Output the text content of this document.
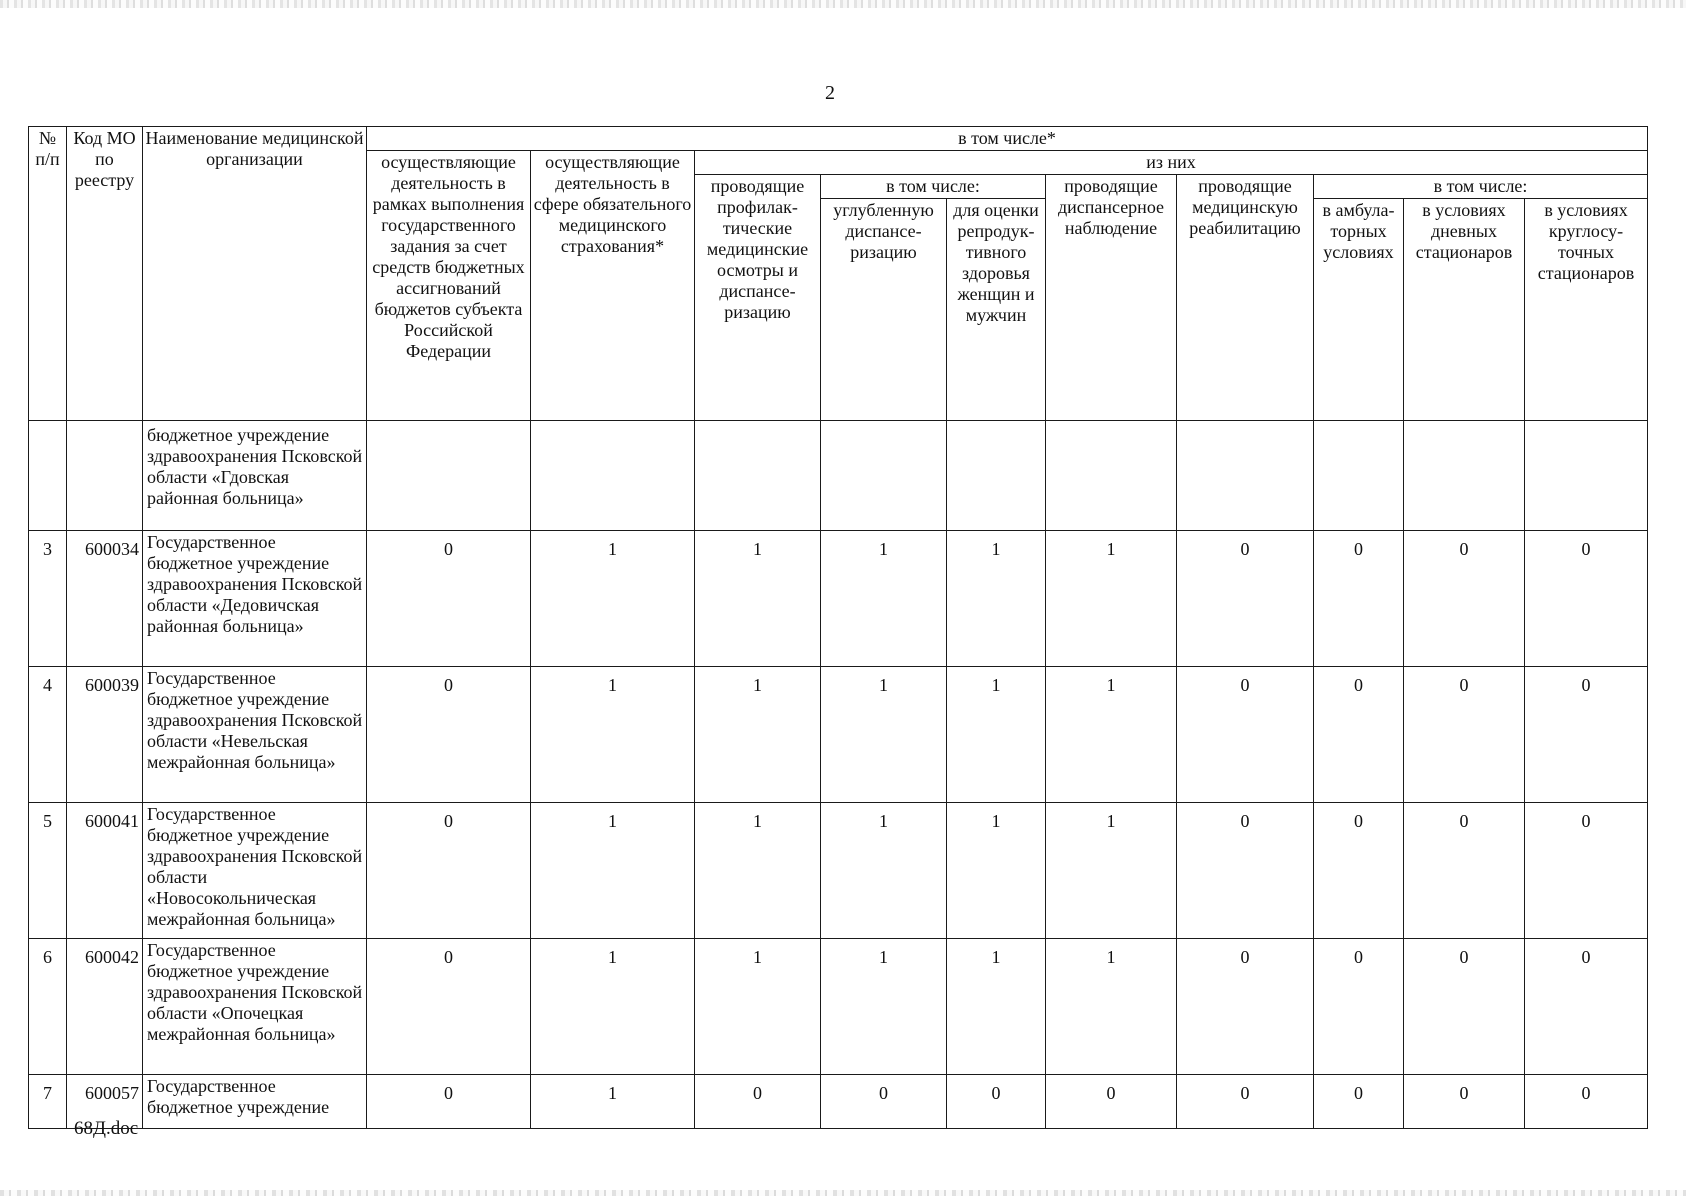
2
№ п/п	Код МО по реестру	Наименование медицинской организации	в том числе*									
			осуществляющие деятельность в рамках выполнения государственного задания за счет средств бюджетных ассигнований бюджетов субъекта Российской Федерации	осуществляющие деятельность в сфере обязательного медицинского страхования*	из них							
					проводящие профилак-тические медицинские осмотры и диспансе-ризацию	в том числе:		проводящие диспансерное наблюдение	проводящие медицинскую реабилитацию	в том числе:		
						углубленную диспансе-ризацию	для оценки репродук-тивного здоровья женщин и мужчин			в амбула-торных условиях	в условиях дневных стационаров	в условиях круглосу-точных стационаров
		бюджетное учреждение здравоохранения Псковской области «Гдовская районная больница»										
3	600034	Государственное бюджетное учреждение здравоохранения Псковской области «Дедовичская районная больница»	0	1	1	1	1	1	0	0	0	0
4	600039	Государственное бюджетное учреждение здравоохранения Псковской области «Невельская межрайонная больница»	0	1	1	1	1	1	0	0	0	0
5	600041	Государственное бюджетное учреждение здравоохранения Псковской области «Новосокольническая межрайонная больница»	0	1	1	1	1	1	0	0	0	0
6	600042	Государственное бюджетное учреждение здравоохранения Псковской области «Опочецкая межрайонная больница»	0	1	1	1	1	1	0	0	0	0
7	600057	Государственное бюджетное учреждение	0	1	0	0	0	0	0	0	0	0
68Д.doc
